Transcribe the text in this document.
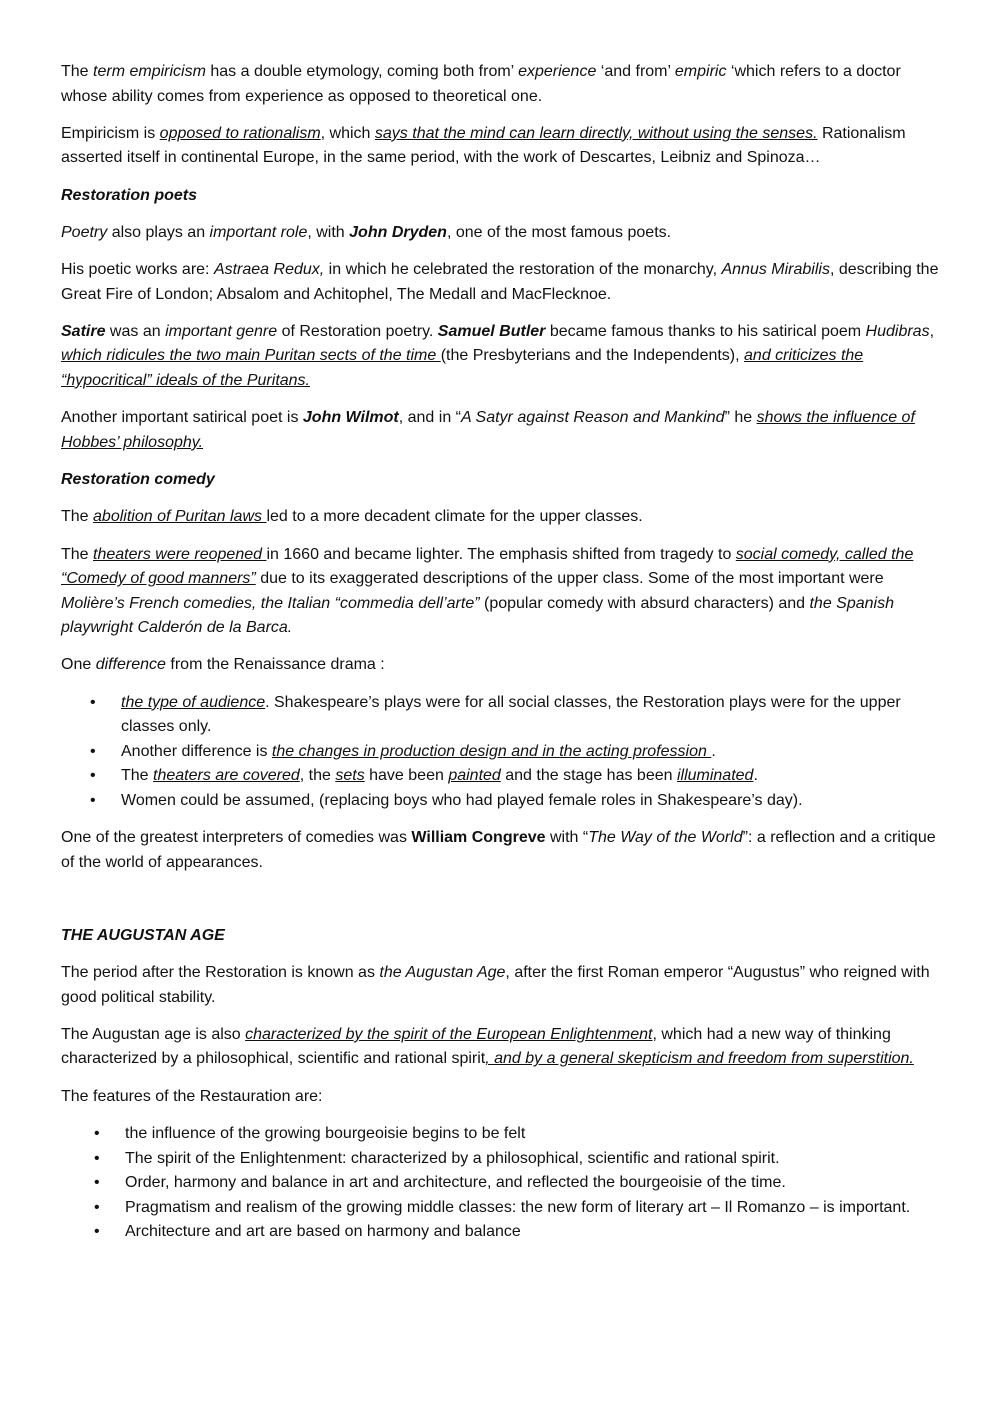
The term empiricism has a double etymology, coming both from’ experience ‘and from’ empiric ‘which refers to a doctor whose ability comes from experience as opposed to theoretical one.

Empiricism is opposed to rationalism, which says that the mind can learn directly, without using the senses. Rationalism asserted itself in continental Europe, in the same period, with the work of Descartes, Leibniz and Spinoza…

Restoration poets

Poetry also plays an important role, with John Dryden, one of the most famous poets.

His poetic works are: Astraea Redux, in which he celebrated the restoration of the monarchy, Annus Mirabilis, describing the Great Fire of London; Absalom and Achitophel, The Medall and MacFlecknoe.

Satire was an important genre of Restoration poetry. Samuel Butler became famous thanks to his satirical poem Hudibras, which ridicules the two main Puritan sects of the time (the Presbyterians and the Independents), and criticizes the “hypocritical” ideals of the Puritans.

Another important satirical poet is John Wilmot, and in “A Satyr against Reason and Mankind” he shows the influence of Hobbes’ philosophy.

Restoration comedy

The abolition of Puritan laws led to a more decadent climate for the upper classes.

The theaters were reopened in 1660 and became lighter. The emphasis shifted from tragedy to social comedy, called the “Comedy of good manners” due to its exaggerated descriptions of the upper class. Some of the most important were Molière’s French comedies, the Italian “commedia dell’arte” (popular comedy with absurd characters) and the Spanish playwright Calderón de la Barca.

One difference from the Renaissance drama :

• the type of audience. Shakespeare’s plays were for all social classes, the Restoration plays were for the upper classes only.
• Another difference is the changes in production design and in the acting profession .
• The theaters are covered, the sets have been painted and the stage has been illuminated.
• Women could be assumed, (replacing boys who had played female roles in Shakespeare’s day).

One of the greatest interpreters of comedies was William Congreve with “The Way of the World”: a reflection and a critique of the world of appearances.

THE AUGUSTAN AGE

The period after the Restoration is known as the Augustan Age, after the first Roman emperor “Augustus” who reigned with good political stability.

The Augustan age is also characterized by the spirit of the European Enlightenment, which had a new way of thinking characterized by a philosophical, scientific and rational spirit, and by a general skepticism and freedom from superstition.

The features of the Restauration are:

• the influence of the growing bourgeoisie begins to be felt
• The spirit of the Enlightenment: characterized by a philosophical, scientific and rational spirit.
• Order, harmony and balance in art and architecture, and reflected the bourgeoisie of the time.
• Pragmatism and realism of the growing middle classes: the new form of literary art – Il Romanzo – is important.
• Architecture and art are based on harmony and balance
